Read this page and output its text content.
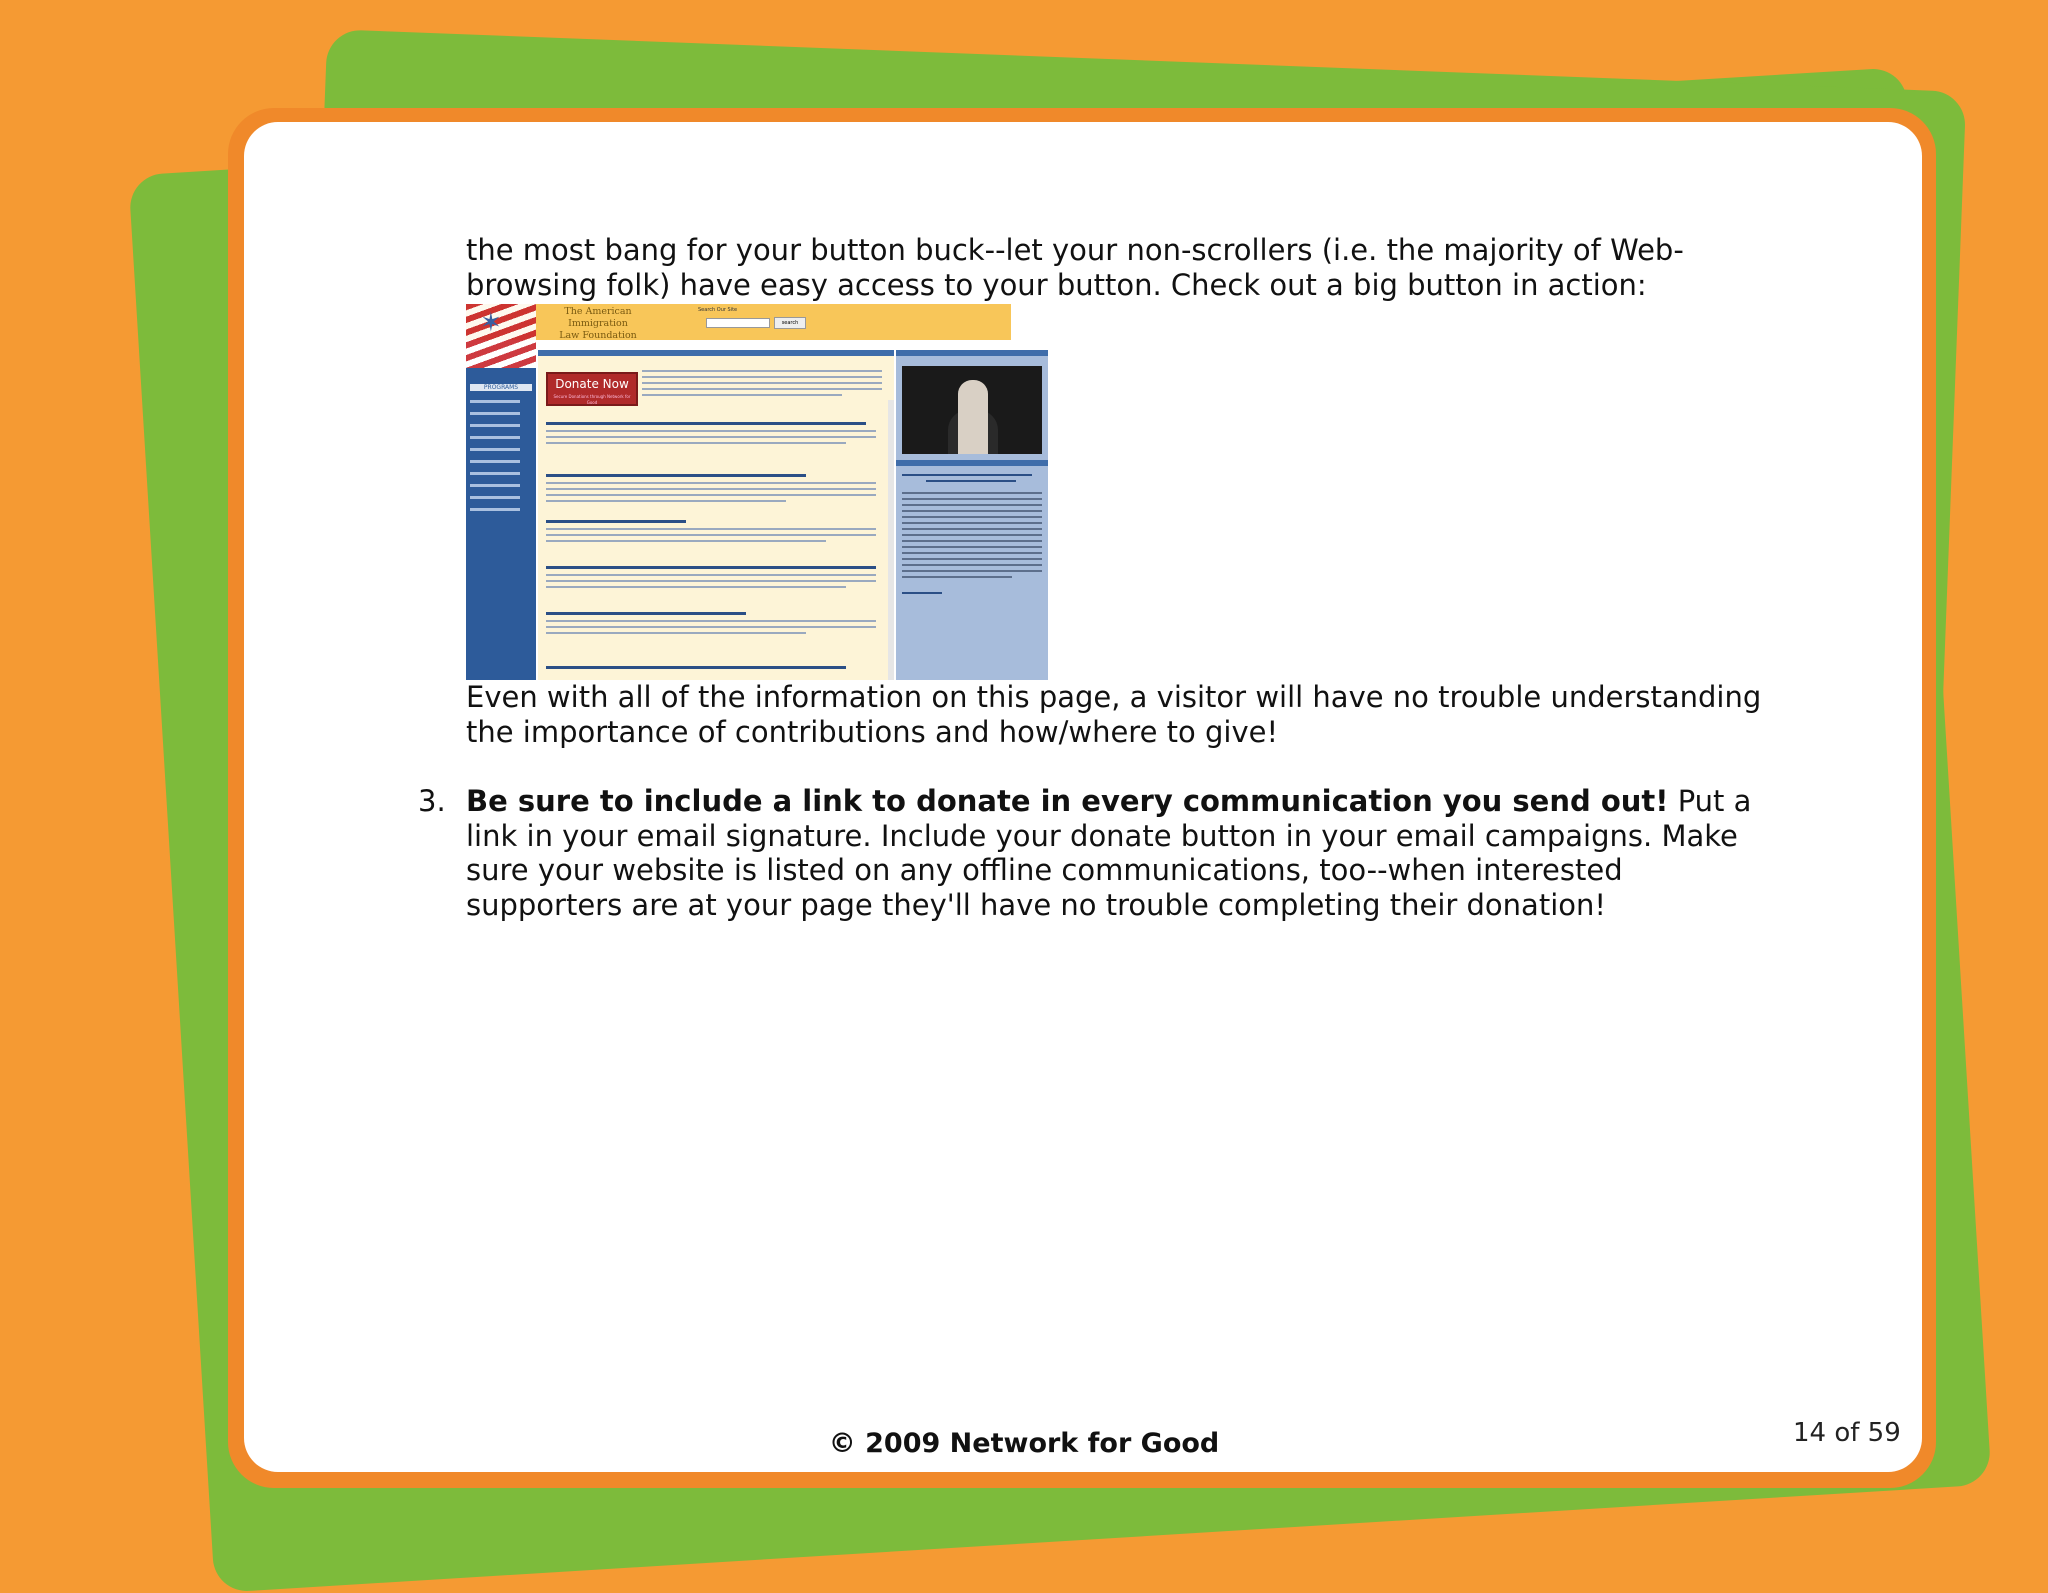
the most bang for your button buck--let your non-scrollers (i.e. the majority of Web-browsing folk) have easy access to your button. Check out a big button in action:
✶	The American Immigration
Law Foundation
Search Our Site
search
PROGRAMS	Donate Now
Secure Donations through Network for Good
Even with all of the information on this page, a visitor will have no trouble understanding the importance of contributions and how/where to give!
3. Be sure to include a link to donate in every communication you send out! Put a link in your email signature. Include your donate button in your email campaigns. Make sure your website is listed on any offline communications, too--when interested supporters are at your page they'll have no trouble completing their donation!
© 2009 Network for Good	14 of 59
